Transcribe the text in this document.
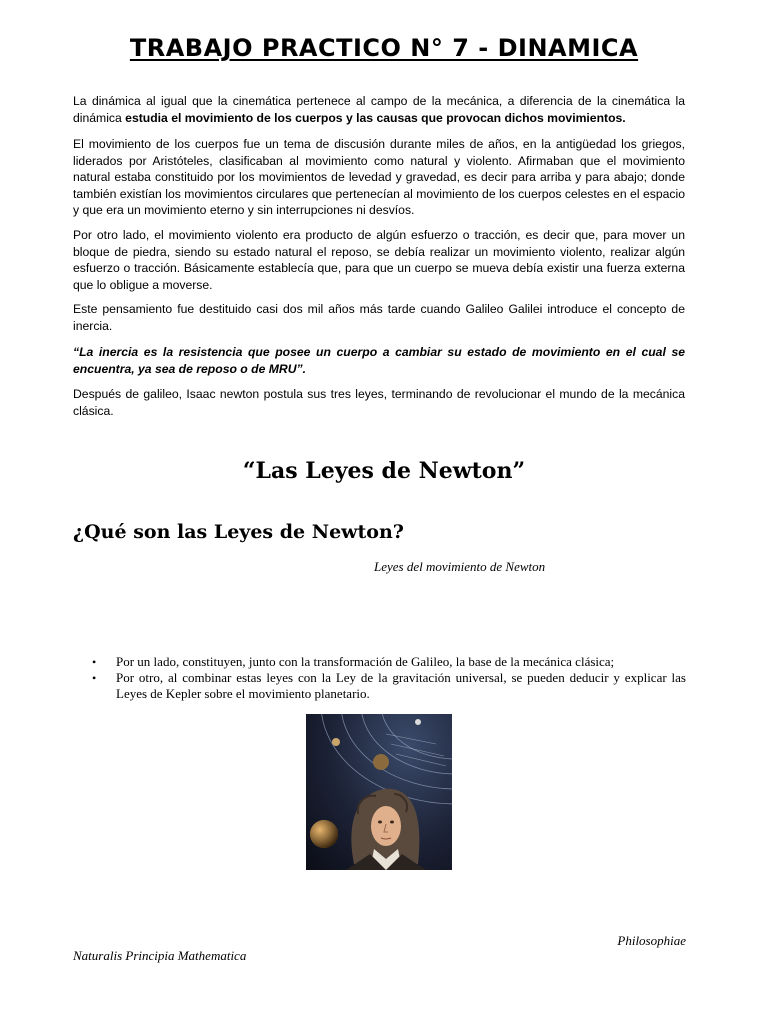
TRABAJO PRACTICO N° 7 - DINAMICA

La dinámica al igual que la cinemática pertenece al campo de la mecánica, a diferencia de la cinemática la dinámica estudia el movimiento de los cuerpos y las causas que provocan dichos movimientos.

El movimiento de los cuerpos fue un tema de discusión durante miles de años, en la antigüedad los griegos, liderados por Aristóteles, clasificaban al movimiento como natural y violento. Afirmaban que el movimiento natural estaba constituido por los movimientos de levedad y gravedad, es decir para arriba y para abajo; donde también existían los movimientos circulares que pertenecían al movimiento de los cuerpos celestes en el espacio y que era un movimiento eterno y sin interrupciones ni desvíos.

Por otro lado, el movimiento violento era producto de algún esfuerzo o tracción, es decir que, para mover un bloque de piedra, siendo su estado natural el reposo, se debía realizar un movimiento violento, realizar algún esfuerzo o tracción. Básicamente establecía que, para que un cuerpo se mueva debía existir una fuerza externa que lo obligue a moverse.

Este pensamiento fue destituido casi dos mil años más tarde cuando Galileo Galilei introduce el concepto de inercia.

“La inercia es la resistencia que posee un cuerpo a cambiar su estado de movimiento en el cual se encuentra, ya sea de reposo o de MRU”.

Después de galileo, Isaac newton postula sus tres leyes, terminando de revolucionar el mundo de la mecánica clásica.

“Las Leyes de Newton”
¿Qué son las Leyes de Newton?
Leyes del movimiento de Newton
• Por un lado, constituyen, junto con la transformación de Galileo, la base de la mecánica clásica;
• Por otro, al combinar estas leyes con la Ley de la gravitación universal, se pueden deducir y explicar las Leyes de Kepler sobre el movimiento planetario.
Philosophiae
Naturalis Principia Mathematica
